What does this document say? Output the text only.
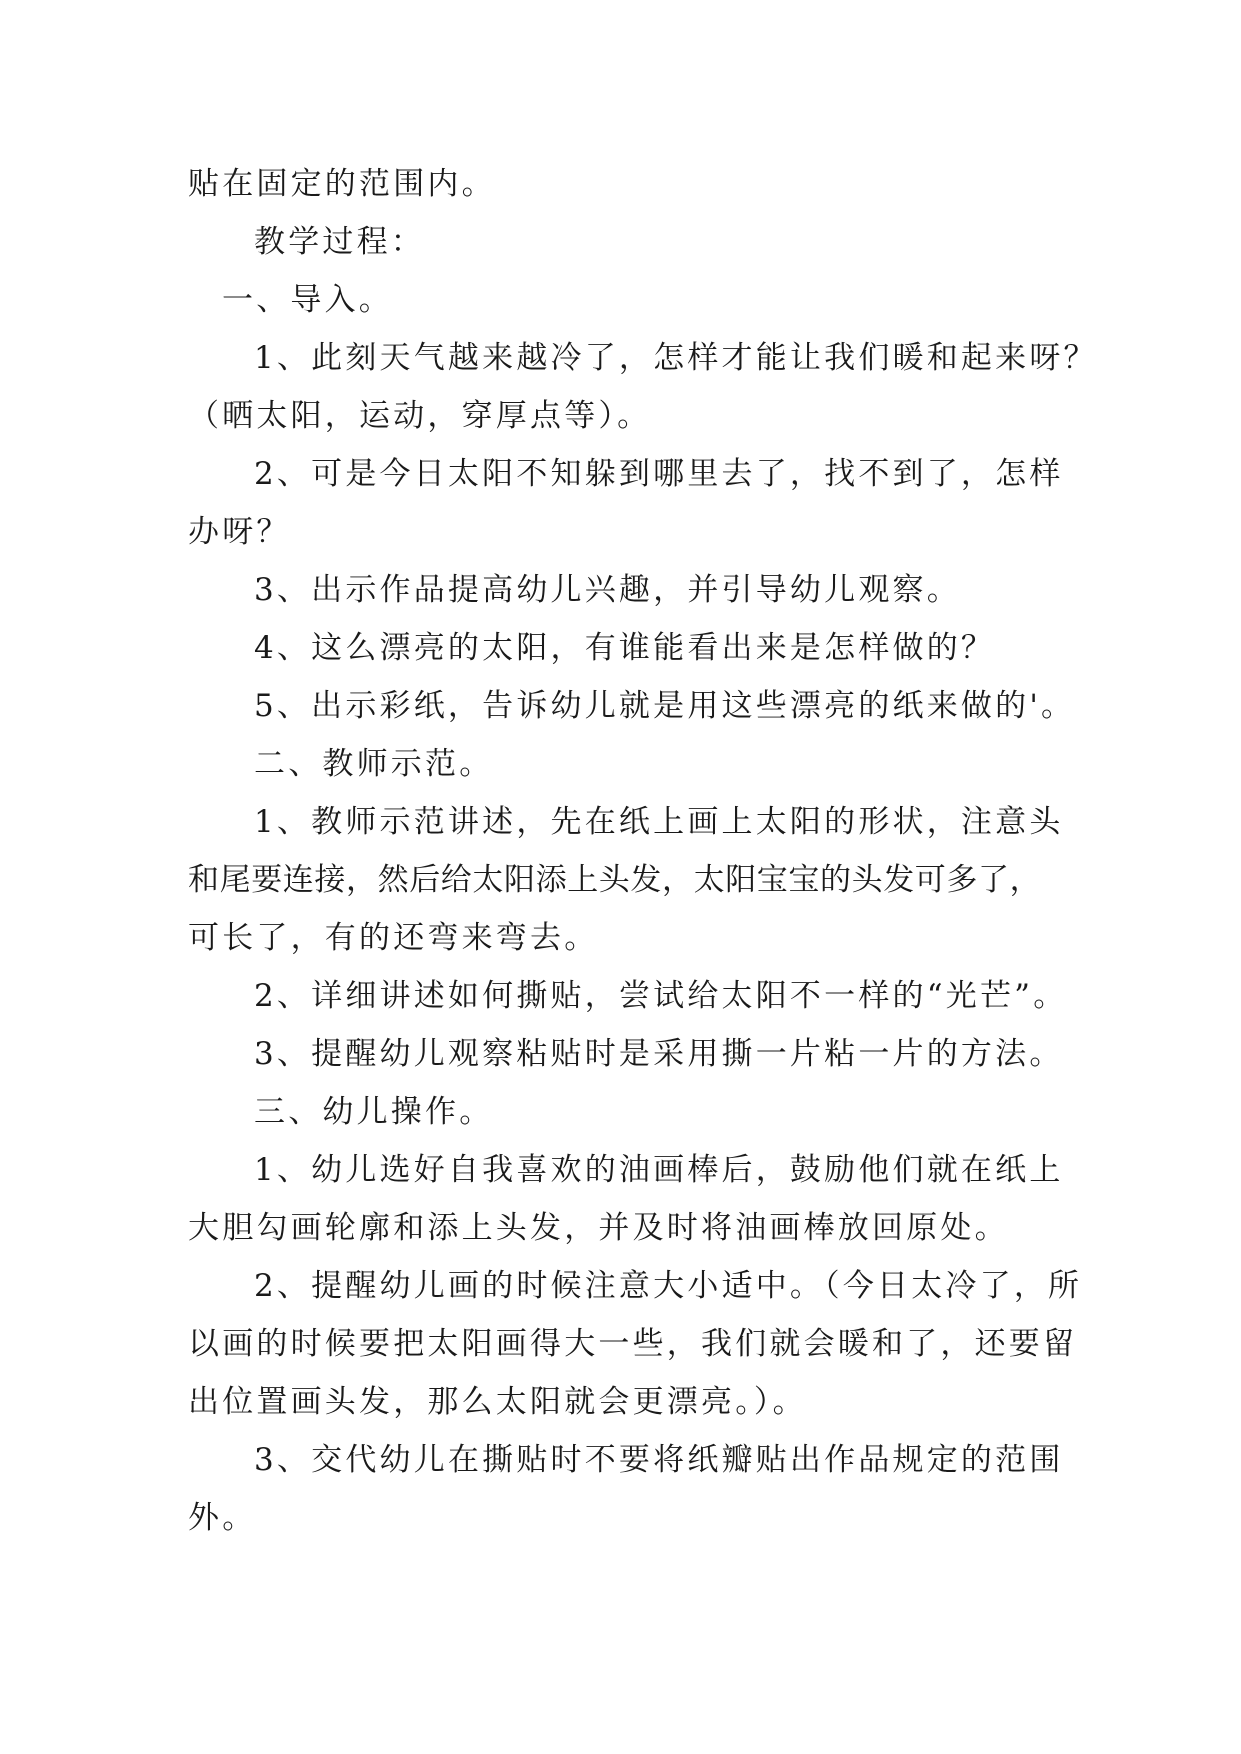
贴在固定的范围内。
教学过程：
一、导入。
1、此刻天气越来越冷了，怎样才能让我们暖和起来呀？
（晒太阳，运动，穿厚点等）。
2、可是今日太阳不知躲到哪里去了，找不到了，怎样
办呀？
3、出示作品提高幼儿兴趣，并引导幼儿观察。
4、这么漂亮的太阳，有谁能看出来是怎样做的？
5、出示彩纸，告诉幼儿就是用这些漂亮的纸来做的'。
二、教师示范。
1、教师示范讲述，先在纸上画上太阳的形状，注意头
和尾要连接，然后给太阳添上头发，太阳宝宝的头发可多了，
可长了，有的还弯来弯去。
2、详细讲述如何撕贴，尝试给太阳不一样的“光芒”。
3、提醒幼儿观察粘贴时是采用撕一片粘一片的方法。
三、幼儿操作。
1、幼儿选好自我喜欢的油画棒后，鼓励他们就在纸上
大胆勾画轮廓和添上头发，并及时将油画棒放回原处。
2、提醒幼儿画的时候注意大小适中。（今日太冷了，所
以画的时候要把太阳画得大一些，我们就会暖和了，还要留
出位置画头发，那么太阳就会更漂亮。）。
3、交代幼儿在撕贴时不要将纸瓣贴出作品规定的范围
外。
